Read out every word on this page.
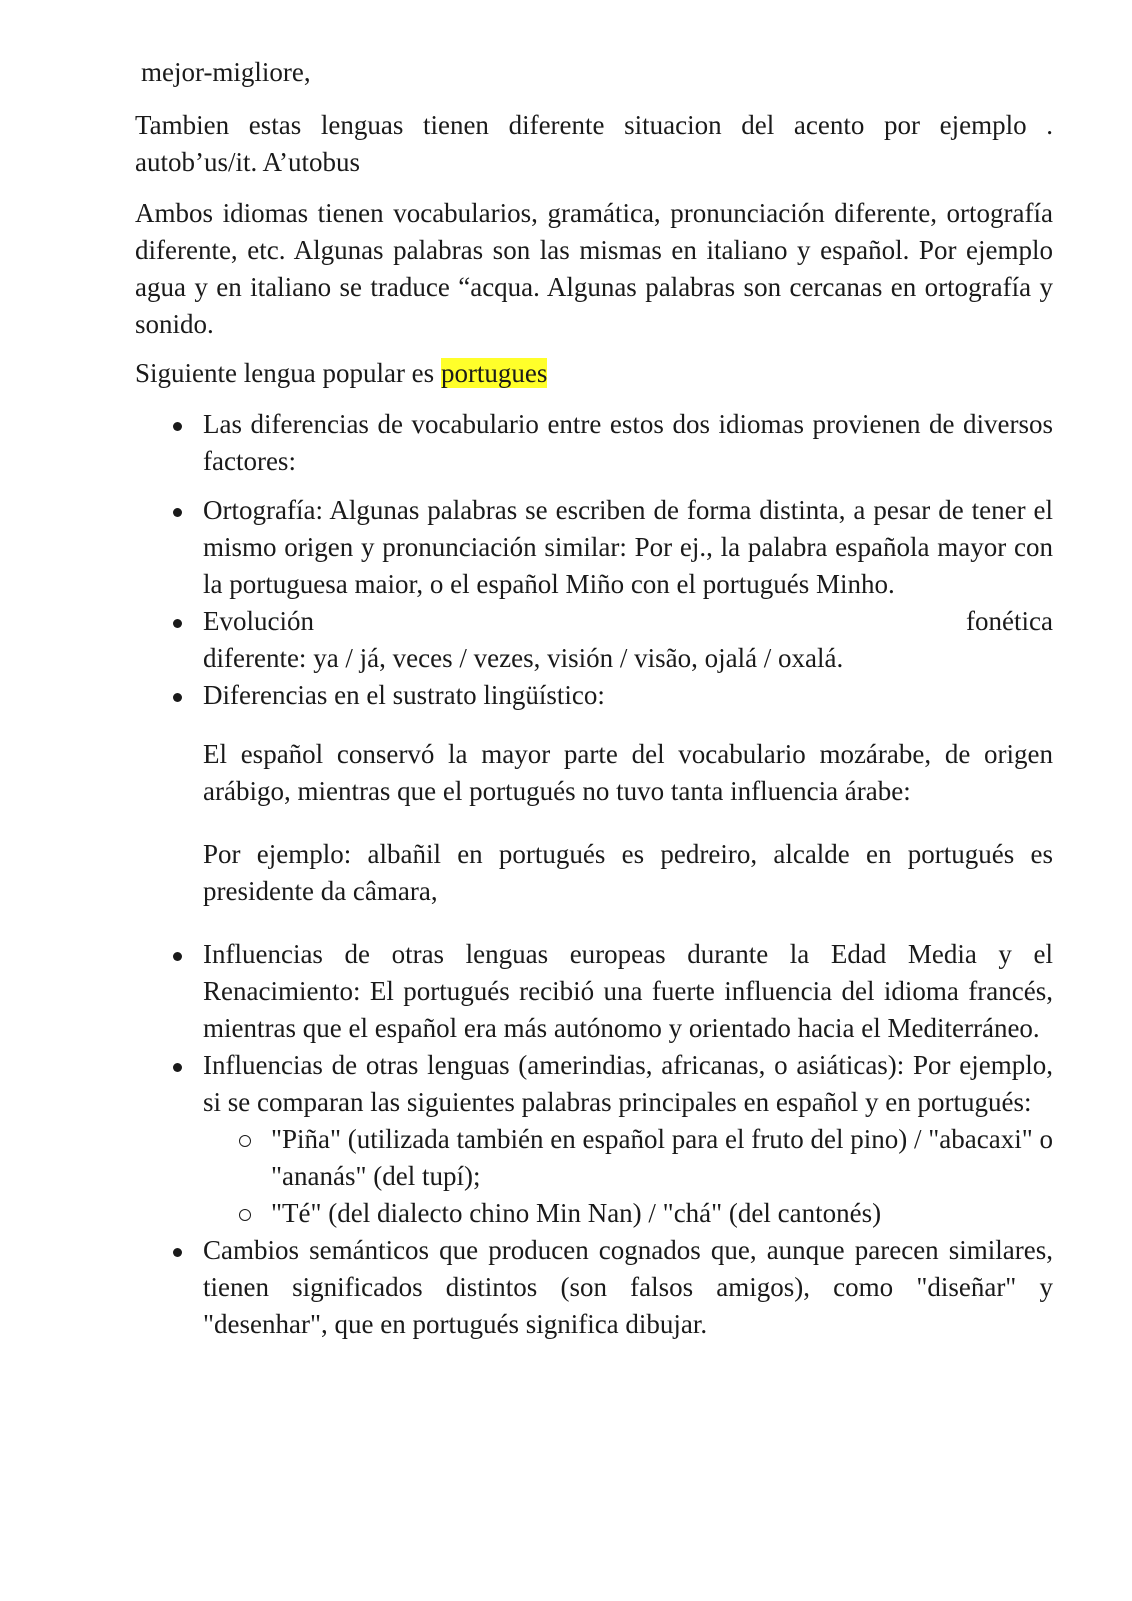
mejor-migliore,

Tambien estas lenguas tienen diferente situacion del acento por ejemplo . autob’us/it. A’utobus

Ambos idiomas tienen vocabularios, gramática, pronunciación diferente, ortografía diferente, etc. Algunas palabras son las mismas en italiano y español. Por ejemplo agua y en italiano se traduce “acqua. Algunas palabras son cercanas en ortografía y sonido.

Siguiente lengua popular es portugues

Las diferencias de vocabulario entre estos dos idiomas provienen de diversos factores:
Ortografía: Algunas palabras se escriben de forma distinta, a pesar de tener el mismo origen y pronunciación similar: Por ej., la palabra española mayor con la portuguesa maior, o el español Miño con el portugués Minho.
Evolución	fonética
diferente: ya / já, veces / vezes, visión / visão, ojalá / oxalá.
Diferencias en el sustrato lingüístico:
El español conservó la mayor parte del vocabulario mozárabe, de origen arábigo, mientras que el portugués no tuvo tanta influencia árabe:
Por ejemplo: albañil en portugués es pedreiro, alcalde en portugués es presidente da câmara,
Influencias de otras lenguas europeas durante la Edad Media y el Renacimiento: El portugués recibió una fuerte influencia del idioma francés, mientras que el español era más autónomo y orientado hacia el Mediterráneo.
Influencias de otras lenguas (amerindias, africanas, o asiáticas): Por ejemplo, si se comparan las siguientes palabras principales en español y en portugués:
"Piña" (utilizada también en español para el fruto del pino) / "abacaxi" o "ananás" (del tupí);
"Té" (del dialecto chino Min Nan) / "chá" (del cantonés)
Cambios semánticos que producen cognados que, aunque parecen similares, tienen significados distintos (son falsos amigos), como "diseñar" y "desenhar", que en portugués significa dibujar.
